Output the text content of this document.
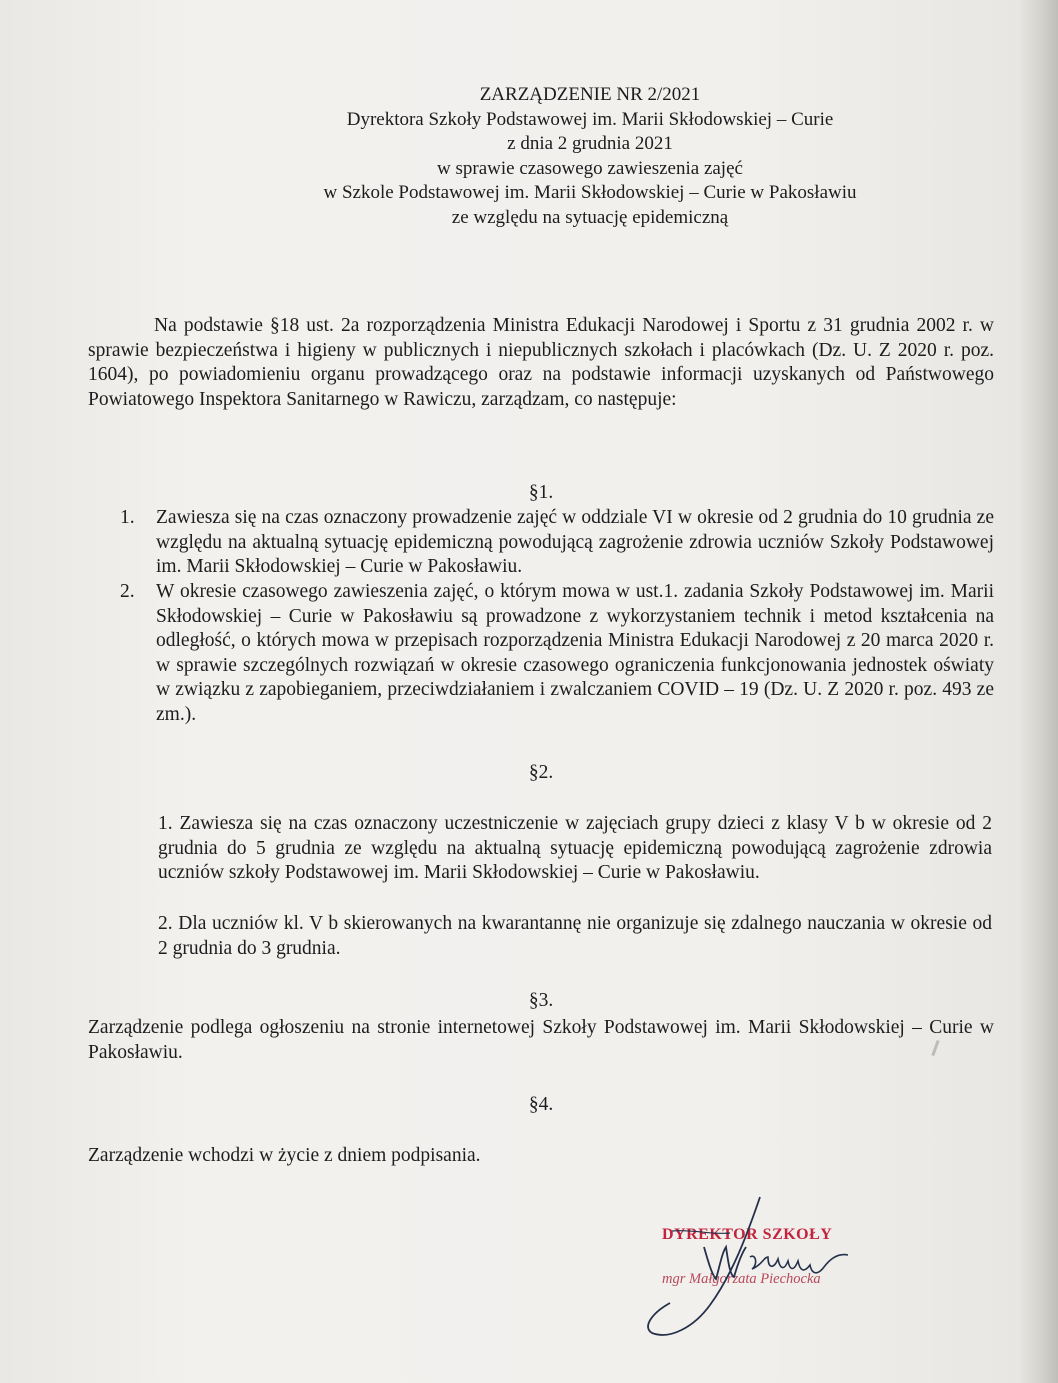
ZARZĄDZENIE NR 2/2021
Dyrektora Szkoły Podstawowej im. Marii Skłodowskiej – Curie
z dnia 2 grudnia 2021
w sprawie czasowego zawieszenia zajęć
w Szkole Podstawowej im. Marii Skłodowskiej – Curie w Pakosławiu
ze względu na sytuację epidemiczną

Na podstawie §18 ust. 2a rozporządzenia Ministra Edukacji Narodowej i Sportu z 31 grudnia 2002 r. w sprawie bezpieczeństwa i higieny w publicznych i niepublicznych szkołach i placówkach (Dz. U. Z 2020 r. poz. 1604), po powiadomieniu organu prowadzącego oraz na podstawie informacji uzyskanych od Państwowego Powiatowego Inspektora Sanitarnego w Rawiczu, zarządzam, co następuje:

§1.
1. Zawiesza się na czas oznaczony prowadzenie zajęć w oddziale VI w okresie od 2 grudnia do 10 grudnia ze względu na aktualną sytuację epidemiczną powodującą zagrożenie zdrowia uczniów Szkoły Podstawowej im. Marii Skłodowskiej – Curie w Pakosławiu.
2. W okresie czasowego zawieszenia zajęć, o którym mowa w ust.1. zadania Szkoły Podstawowej im. Marii Skłodowskiej – Curie w Pakosławiu są prowadzone z wykorzystaniem technik i metod kształcenia na odległość, o których mowa w przepisach rozporządzenia Ministra Edukacji Narodowej z 20 marca 2020 r. w sprawie szczególnych rozwiązań w okresie czasowego ograniczenia funkcjonowania jednostek oświaty w związku z zapobieganiem, przeciwdziałaniem i zwalczaniem COVID – 19 (Dz. U. Z 2020 r. poz. 493 ze zm.).
§2.
1. Zawiesza się na czas oznaczony uczestniczenie w zajęciach grupy dzieci z klasy V b w okresie od 2 grudnia do 5 grudnia ze względu na aktualną sytuację epidemiczną powodującą zagrożenie zdrowia uczniów szkoły Podstawowej im. Marii Skłodowskiej – Curie w Pakosławiu.
2. Dla uczniów kl. V b skierowanych na kwarantannę nie organizuje się zdalnego nauczania w okresie od 2 grudnia do 3 grudnia.
§3.

Zarządzenie podlega ogłoszeniu na stronie internetowej Szkoły Podstawowej im. Marii Skłodowskiej – Curie w Pakosławiu.

§4.

Zarządzenie wchodzi w życie z dniem podpisania.

DYREKTOR SZKOŁY
mgr Małgorzata Piechocka
